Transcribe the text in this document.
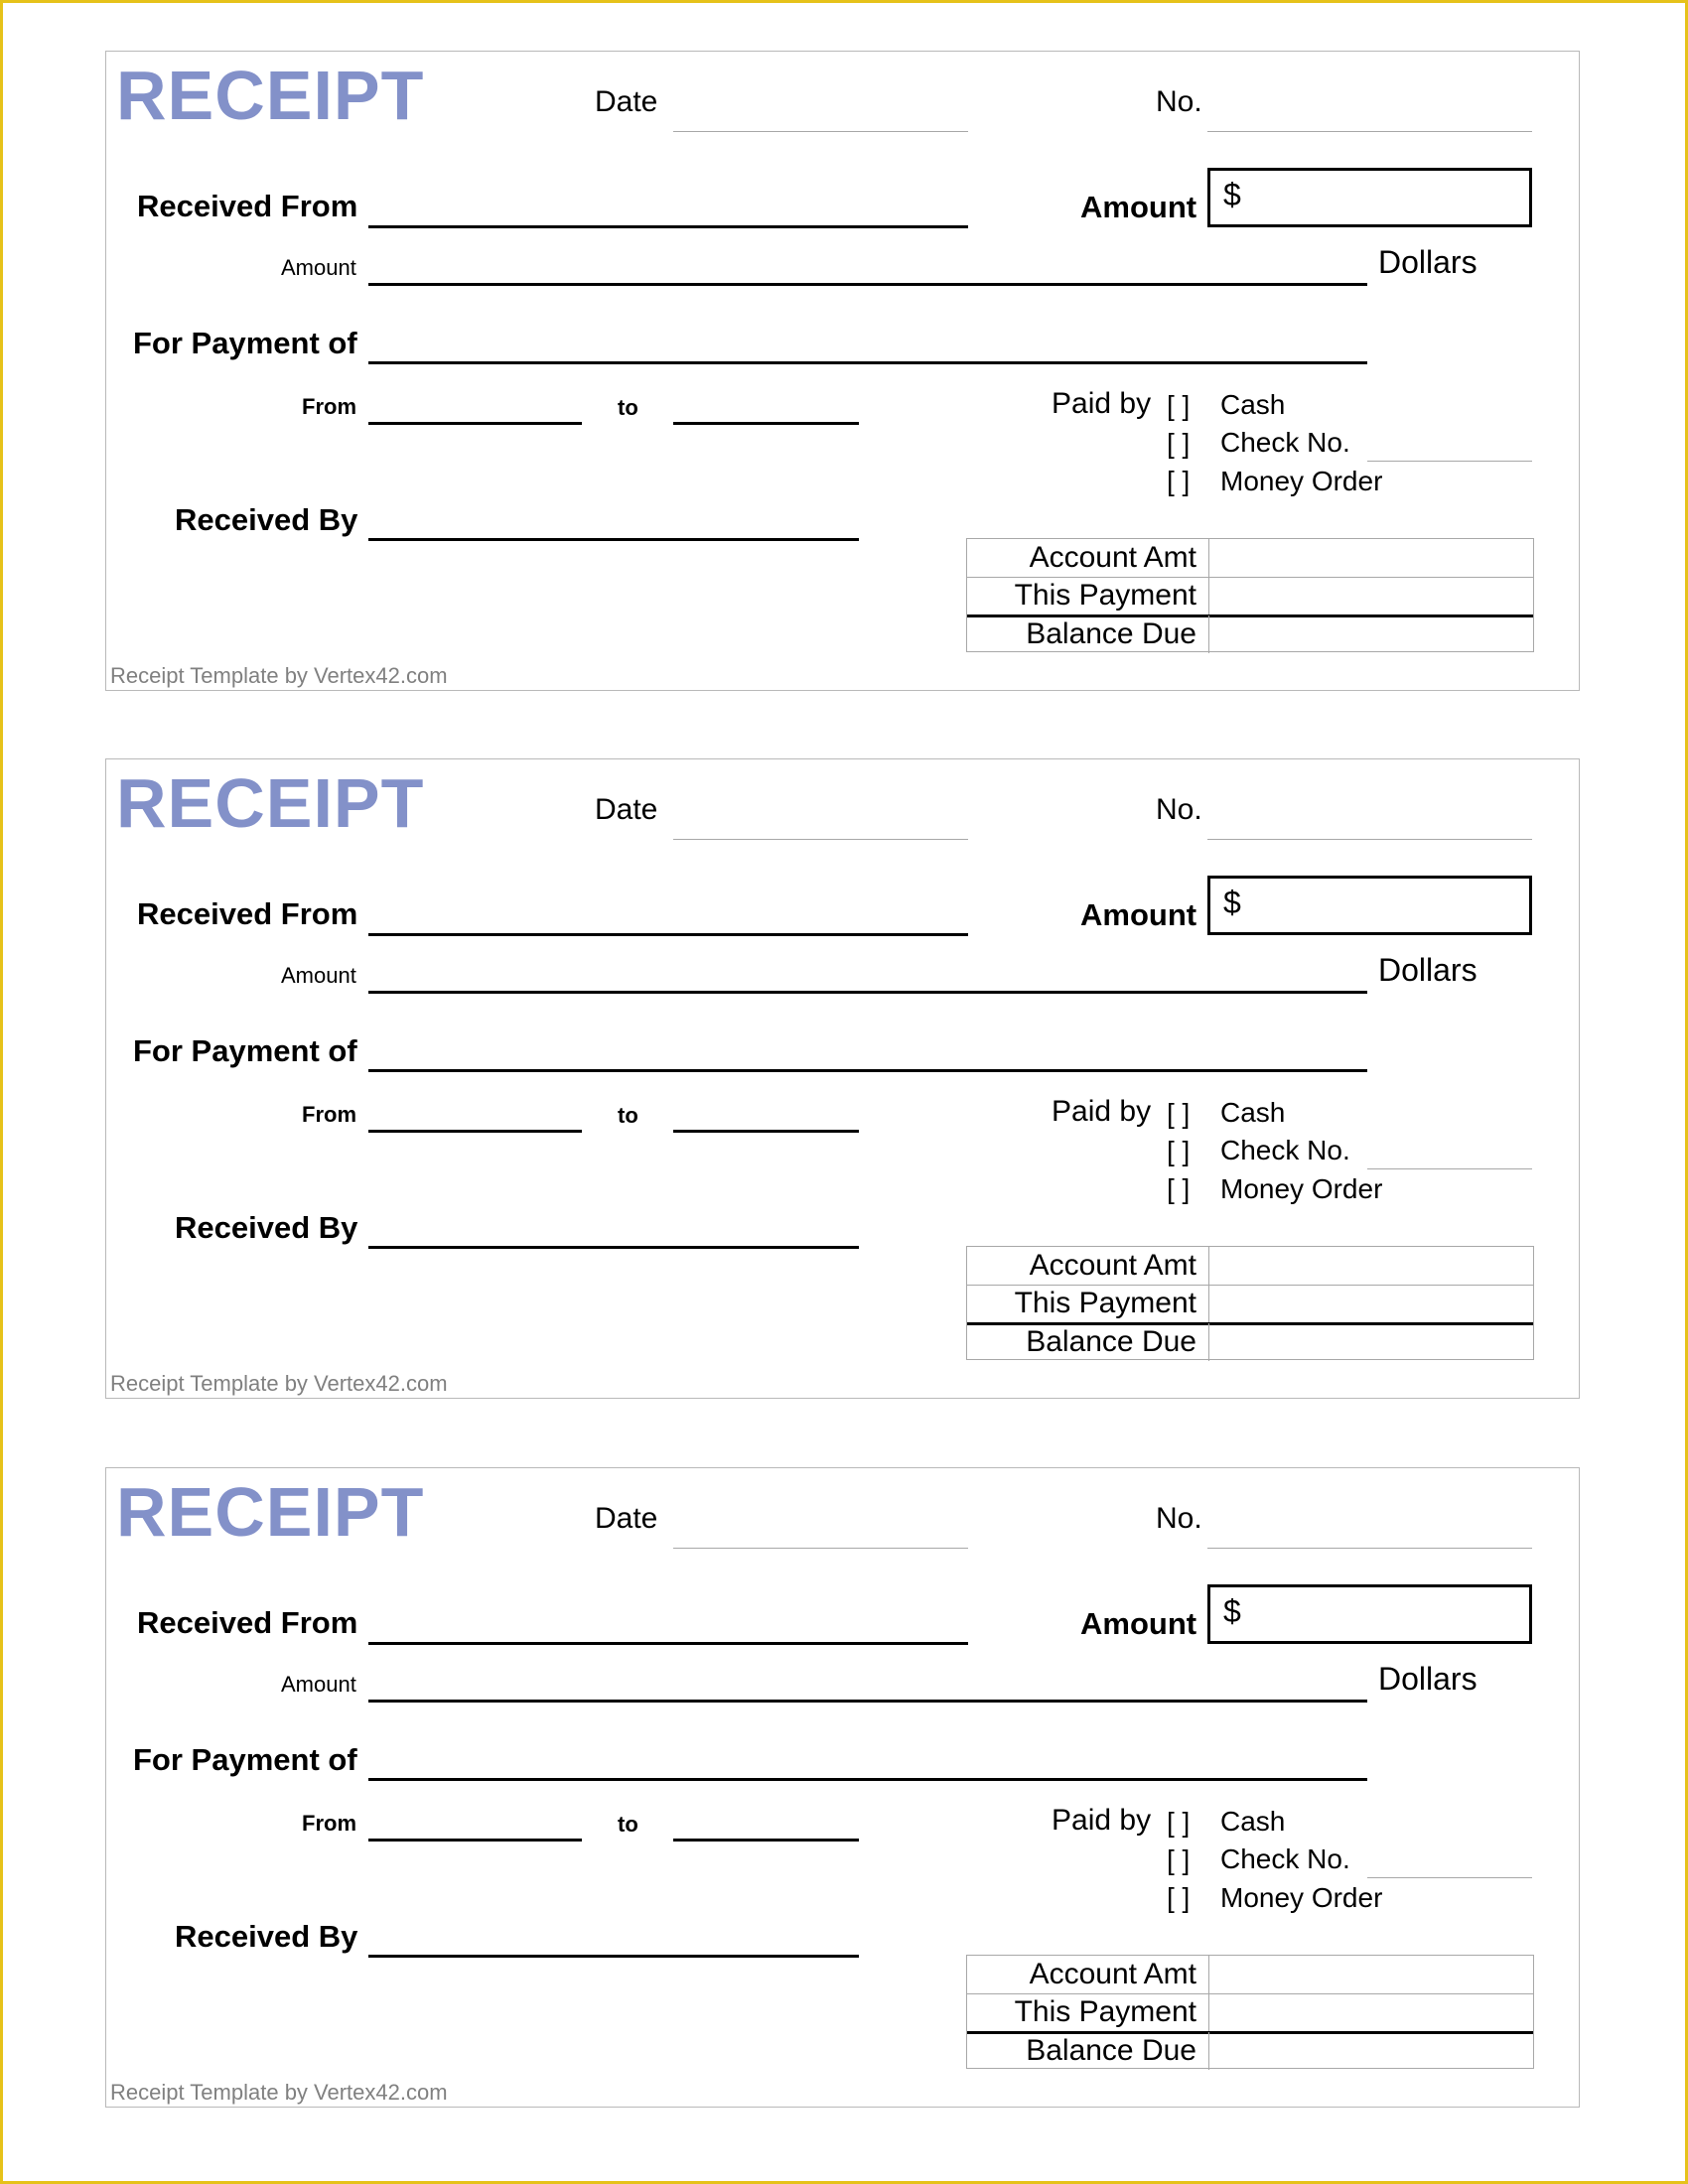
RECEIPT	Date	No.
Received From	Amount $
Amount	Dollars
For Payment of
From	to	Paid by [ ] Cash
[ ] Check No.
[ ] Money Order
Received By
Account Amt
This Payment
Balance Due
Receipt Template by Vertex42.com
RECEIPT	Date	No.
Received From	Amount $
Amount	Dollars
For Payment of
From	to	Paid by [ ] Cash
[ ] Check No.
[ ] Money Order
Received By
Account Amt
This Payment
Balance Due
Receipt Template by Vertex42.com
RECEIPT	Date	No.
Received From	Amount $
Amount	Dollars
For Payment of
From	to	Paid by [ ] Cash
[ ] Check No.
[ ] Money Order
Received By
Account Amt
This Payment
Balance Due
Receipt Template by Vertex42.com
